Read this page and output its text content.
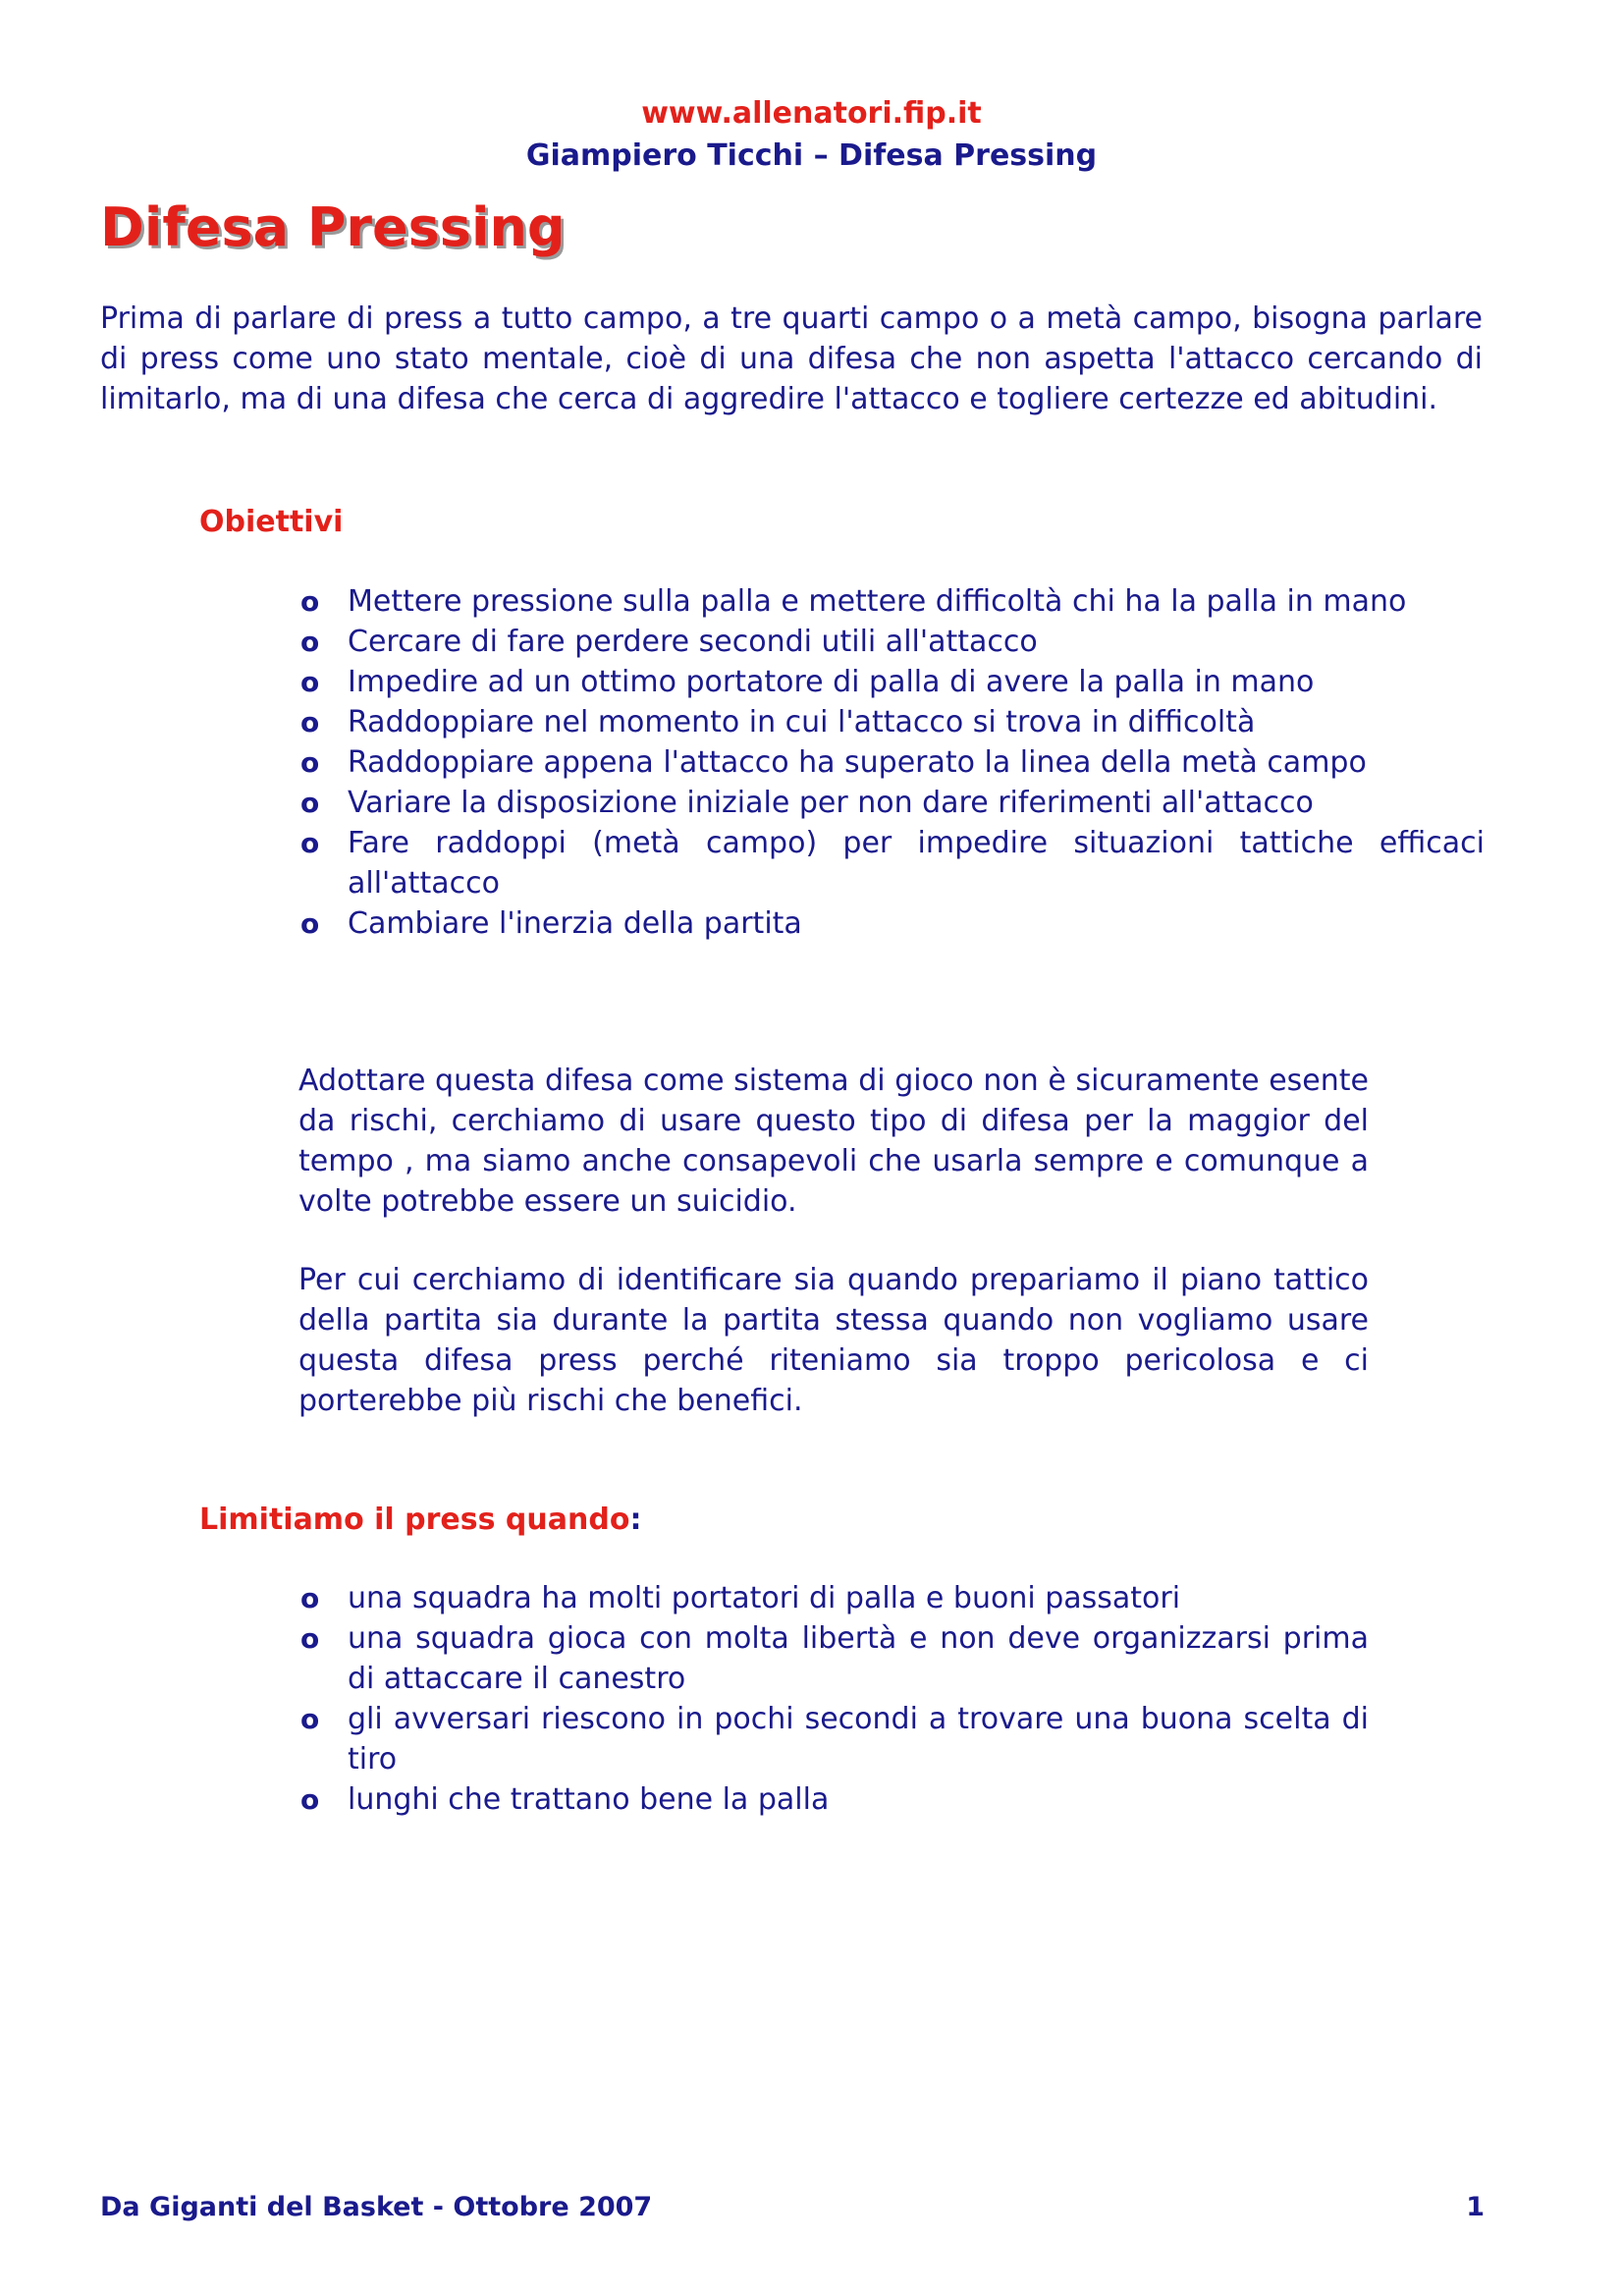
www.allenatori.fip.it
Giampiero Ticchi – Difesa Pressing
Difesa Pressing
Prima di parlare di press a tutto campo, a tre quarti campo o a metà campo, bisogna parlare di press come uno stato mentale, cioè di una difesa che non aspetta l'attacco cercando di limitarlo, ma di una difesa che cerca di aggredire l'attacco e togliere certezze ed abitudini.
Obiettivi
o Mettere pressione sulla palla e mettere difficoltà chi ha la palla in mano
o Cercare di fare perdere secondi utili all'attacco
o Impedire ad un ottimo portatore di palla di avere la palla in mano
o Raddoppiare nel momento in cui l'attacco si trova in difficoltà
o Raddoppiare appena l'attacco ha superato la linea della metà campo
o Variare la disposizione iniziale per non dare riferimenti all'attacco
o Fare raddoppi (metà campo) per impedire situazioni tattiche efficaci all'attacco
o Cambiare l'inerzia della partita
Adottare questa difesa come sistema di gioco non è sicuramente esente da rischi, cerchiamo di usare questo tipo di difesa per la maggior del tempo , ma siamo anche consapevoli che usarla sempre e comunque a volte potrebbe essere un suicidio.
Per cui cerchiamo di identificare sia quando prepariamo il piano tattico della partita sia durante la partita stessa quando non vogliamo usare questa difesa press perché riteniamo sia troppo pericolosa e ci porterebbe più rischi che benefici.
Limitiamo il press quando:
o una squadra ha molti portatori di palla e buoni passatori
o una squadra gioca con molta libertà e non deve organizzarsi prima di attaccare il canestro
o gli avversari riescono in pochi secondi a trovare una buona scelta di tiro
o lunghi che trattano bene la palla
Da Giganti del Basket - Ottobre 2007	1
